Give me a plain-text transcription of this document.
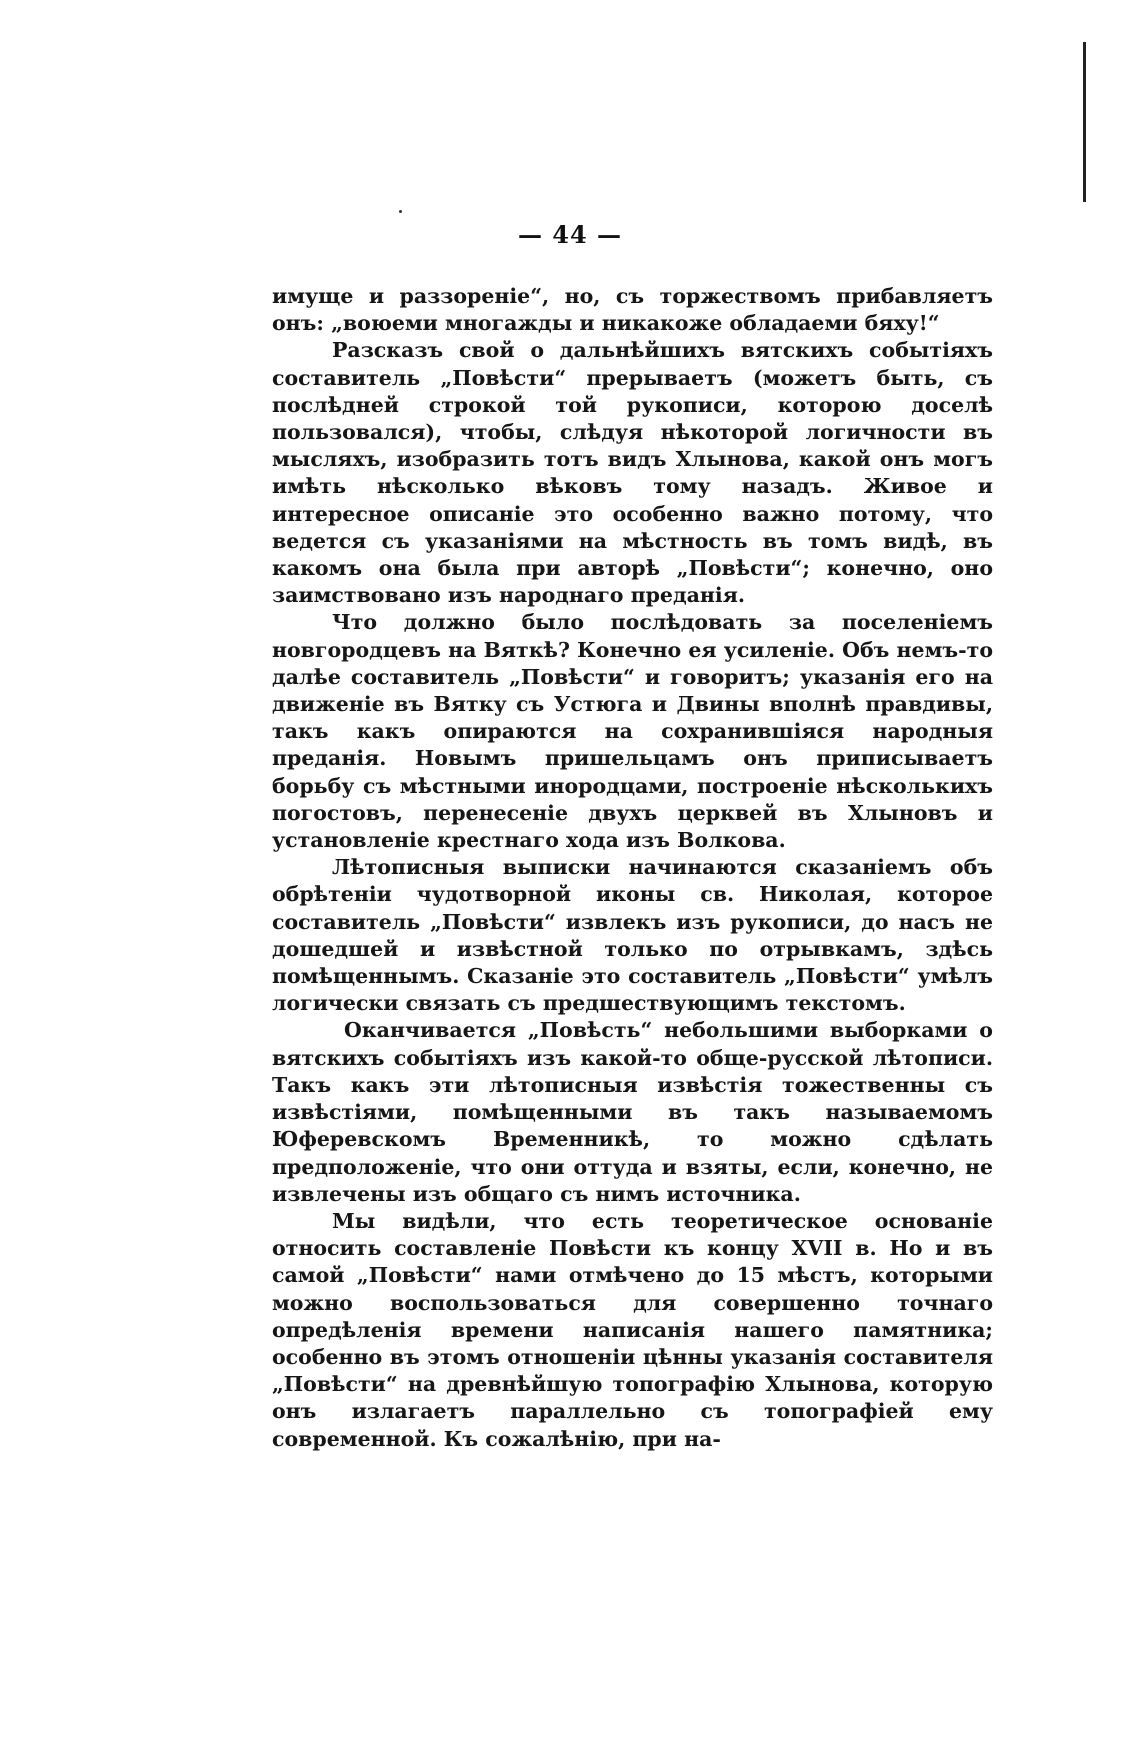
— 44 —

имуще и раззореніе“, но, съ торжествомъ прибавляетъ онъ: „воюеми многажды и никакоже обладаеми бяху!“

Разсказъ свой о дальнѣйшихъ вятскихъ событіяхъ составитель „Повѣсти“ прерываетъ (можетъ быть, съ послѣдней строкой той рукописи, которою доселѣ пользовался), чтобы, слѣдуя нѣкоторой логичности въ мысляхъ, изобразить тотъ видъ Хлынова, какой онъ могъ имѣть нѣсколько вѣковъ тому назадъ. Живое и интересное описаніе это особенно важно потому, что ведется съ указаніями на мѣстность въ томъ видѣ, въ какомъ она была при авторѣ „Повѣсти“; конечно, оно заимствовано изъ народнаго преданія.

Что должно было послѣдовать за поселеніемъ новгородцевъ на Вяткѣ? Конечно ея усиленіе. Объ немъ-то далѣе составитель „Повѣсти“ и говоритъ; указанія его на движеніе въ Вятку съ Устюга и Двины вполнѣ правдивы, такъ какъ опираются на сохранившіяся народныя преданія. Новымъ пришельцамъ онъ приписываетъ борьбу съ мѣстными инородцами, построеніе нѣсколькихъ погостовъ, перенесеніе двухъ церквей въ Хлыновъ и установленіе крестнаго хода изъ Волкова.

Лѣтописныя выписки начинаются сказаніемъ объ обрѣтеніи чудотворной иконы св. Николая, которое составитель „Повѣсти“ извлекъ изъ рукописи, до насъ не дошедшей и извѣстной только по отрывкамъ, здѣсь помѣщеннымъ. Сказаніе это составитель „Повѣсти“ умѣлъ логически связать съ предшествующимъ текстомъ.

Оканчивается „Повѣсть“ небольшими выборками о вятскихъ событіяхъ изъ какой-то обще-русской лѣтописи. Такъ какъ эти лѣтописныя извѣстія тожественны съ извѣстіями, помѣщенными въ такъ называемомъ Юферевскомъ Временникѣ, то можно сдѣлать предположеніе, что они оттуда и взяты, если, конечно, не извлечены изъ общаго съ нимъ источника.

Мы видѣли, что есть теоретическое основаніе относить составленіе Повѣсти къ концу XVII в. Но и въ самой „Повѣсти“ нами отмѣчено до 15 мѣстъ, которыми можно воспользоваться для совершенно точнаго опредѣленія времени написанія нашего памятника; особенно въ этомъ отношеніи цѣнны указанія составителя „Повѣсти“ на древнѣйшую топографію Хлынова, которую онъ излагаетъ параллельно съ топографіей ему современной. Къ сожалѣнію, при на-
